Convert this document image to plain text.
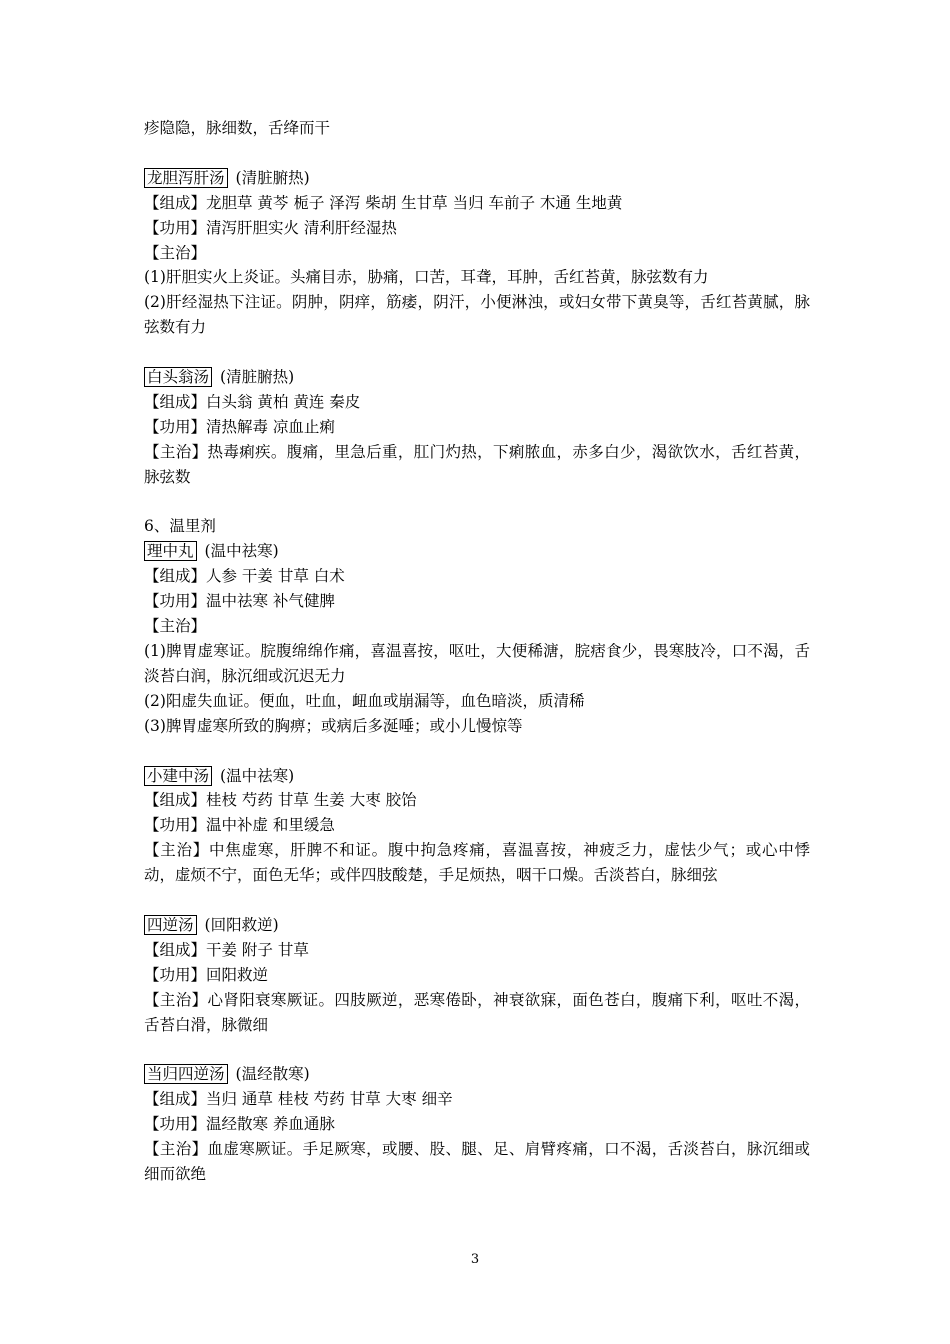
疹隐隐，脉细数，舌绛而干
龙胆泻肝汤 (清脏腑热)
【组成】龙胆草 黄芩 栀子 泽泻 柴胡 生甘草 当归 车前子 木通 生地黄
【功用】清泻肝胆实火 清利肝经湿热
【主治】
(1)肝胆实火上炎证。头痛目赤，胁痛，口苦，耳聋，耳肿，舌红苔黄，脉弦数有力
(2)肝经湿热下注证。阴肿，阴痒，筋痿，阴汗，小便淋浊，或妇女带下黄臭等，舌红苔黄腻，脉弦数有力
白头翁汤 (清脏腑热)
【组成】白头翁 黄柏 黄连 秦皮
【功用】清热解毒 凉血止痢
【主治】热毒痢疾。腹痛，里急后重，肛门灼热，下痢脓血，赤多白少，渴欲饮水，舌红苔黄，脉弦数
6、温里剂
理中丸 (温中祛寒)
【组成】人参 干姜 甘草 白术
【功用】温中祛寒 补气健脾
【主治】
(1)脾胃虚寒证。脘腹绵绵作痛，喜温喜按，呕吐，大便稀溏，脘痞食少，畏寒肢冷，口不渴，舌淡苔白润，脉沉细或沉迟无力
(2)阳虚失血证。便血，吐血，衄血或崩漏等，血色暗淡，质清稀
(3)脾胃虚寒所致的胸痹；或病后多涎唾；或小儿慢惊等
小建中汤 (温中祛寒)
【组成】桂枝 芍药 甘草 生姜 大枣 胶饴
【功用】温中补虚 和里缓急
【主治】中焦虚寒，肝脾不和证。腹中拘急疼痛，喜温喜按，神疲乏力，虚怯少气；或心中悸动，虚烦不宁，面色无华；或伴四肢酸楚，手足烦热，咽干口燥。舌淡苔白，脉细弦
四逆汤 (回阳救逆)
【组成】干姜 附子 甘草
【功用】回阳救逆
【主治】心肾阳衰寒厥证。四肢厥逆，恶寒倦卧，神衰欲寐，面色苍白，腹痛下利，呕吐不渴，舌苔白滑，脉微细
当归四逆汤 (温经散寒)
【组成】当归 通草 桂枝 芍药 甘草 大枣 细辛
【功用】温经散寒 养血通脉
【主治】血虚寒厥证。手足厥寒，或腰、股、腿、足、肩臂疼痛，口不渴，舌淡苔白，脉沉细或细而欲绝
3
